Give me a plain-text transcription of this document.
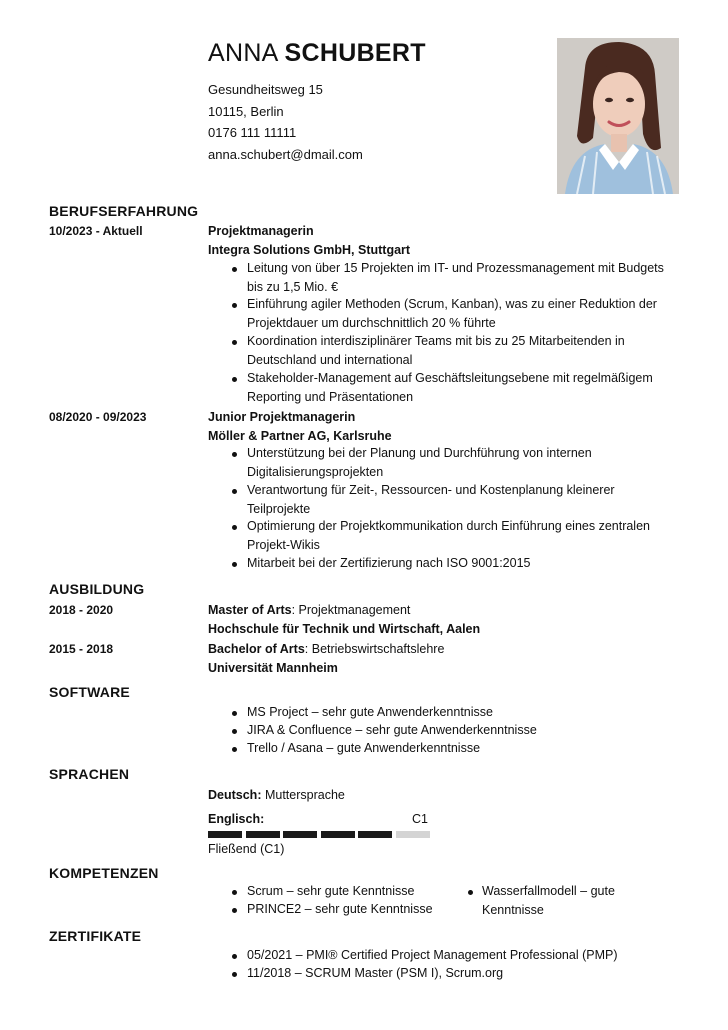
ANNA SCHUBERT
Gesundheitsweg 15
10115, Berlin
0176 111 11111
anna.schubert@dmail.com
BERUFSERFAHRUNG
10/2023 - Aktuell	Projektmanagerin
Integra Solutions GmbH, Stuttgart
Leitung von über 15 Projekten im IT- und Prozessmanagement mit Budgets bis zu 1,5 Mio. €
Einführung agiler Methoden (Scrum, Kanban), was zu einer Reduktion der Projektdauer um durchschnittlich 20 % führte
Koordination interdisziplinärer Teams mit bis zu 25 Mitarbeitenden in Deutschland und international
Stakeholder-Management auf Geschäftsleitungsebene mit regelmäßigem Reporting und Präsentationen
08/2020 - 09/2023	Junior Projektmanagerin
Möller & Partner AG, Karlsruhe
Unterstützung bei der Planung und Durchführung von internen Digitalisierungsprojekten
Verantwortung für Zeit-, Ressourcen- und Kostenplanung kleinerer Teilprojekte
Optimierung der Projektkommunikation durch Einführung eines zentralen Projekt-Wikis
Mitarbeit bei der Zertifizierung nach ISO 9001:2015
AUSBILDUNG
2018 - 2020	Master of Arts: Projektmanagement
Hochschule für Technik und Wirtschaft, Aalen
2015 - 2018	Bachelor of Arts: Betriebswirtschaftslehre
Universität Mannheim
SOFTWARE
MS Project – sehr gute Anwenderkenntnisse
JIRA & Confluence – sehr gute Anwenderkenntnisse
Trello / Asana – gute Anwenderkenntnisse
SPRACHEN
Deutsch: Muttersprache
Englisch:	C1
Fließend (C1)
KOMPETENZEN
Scrum – sehr gute Kenntnisse
PRINCE2 – sehr gute Kenntnisse
Wasserfallmodell – gute Kenntnisse
ZERTIFIKATE
05/2021 – PMI® Certified Project Management Professional (PMP)
11/2018 – SCRUM Master (PSM I), Scrum.org
